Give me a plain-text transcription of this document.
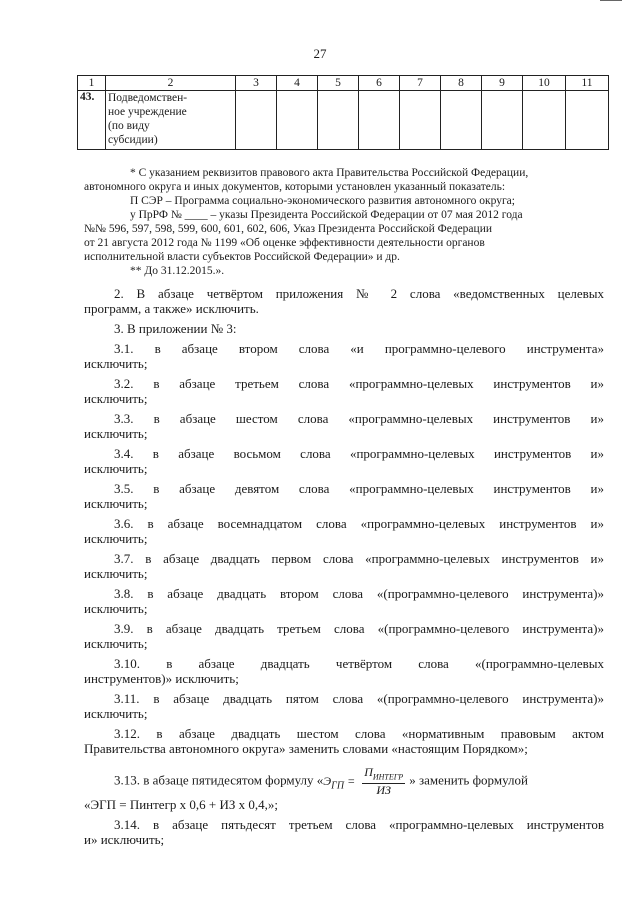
27
1	2	3	4	5	6	7	8	9	10	11
43.	Подведомствен-
ное учреждение
(по виду
субсидии)									

* С указанием реквизитов правового акта Правительства Российской Федерации,

автономного округа и иных документов, которыми установлен указанный показатель:

П СЭР – Программа социально-экономического развития автономного округа;

у ПрРФ № ____ – указы Президента Российской Федерации от 07 мая 2012 года

№№ 596, 597, 598, 599, 600, 601, 602, 606, Указ Президента Российской Федерации

от 21 августа 2012 года № 1199 «Об оценке эффективности деятельности органов

исполнительной власти субъектов Российской Федерации» и др.

** До 31.12.2015.».

2. В абзаце четвёртом приложения № 2 слова «ведомственных целевых
программ, а также» исключить.

3. В приложении № 3:

3.1. в абзаце втором слова «и программно-целевого инструмента»
исключить;

3.2. в абзаце третьем слова «программно-целевых инструментов и»
исключить;

3.3. в абзаце шестом слова «программно-целевых инструментов и»
исключить;

3.4. в абзаце восьмом слова «программно-целевых инструментов и»
исключить;

3.5. в абзаце девятом слова «программно-целевых инструментов и»
исключить;

3.6. в абзаце восемнадцатом слова «программно-целевых инструментов и»
исключить;

3.7. в абзаце двадцать первом слова «программно-целевых инструментов и»
исключить;

3.8. в абзаце двадцать втором слова «(программно-целевого инструмента)»
исключить;

3.9. в абзаце двадцать третьем слова «(программно-целевого инструмента)»
исключить;

3.10. в абзаце двадцать четвёртом слова «(программно-целевых
инструментов)» исключить;

3.11. в абзаце двадцать пятом слова «(программно-целевого инструмента)»
исключить;

3.12. в абзаце двадцать шестом слова «нормативным правовым актом
Правительства автономного округа» заменить словами «настоящим Порядком»;

3.13. в абзаце пятидесятом формулу «$Э_{ГП} = \frac{П_{ИНТЕГР}}{ИЗ}$ » заменить формулой
«ЭГП = Пинтегр х 0,6 + ИЗ х 0,4,»;

3.14. в абзаце пятьдесят третьем слова «программно-целевых инструментов
и» исключить;
